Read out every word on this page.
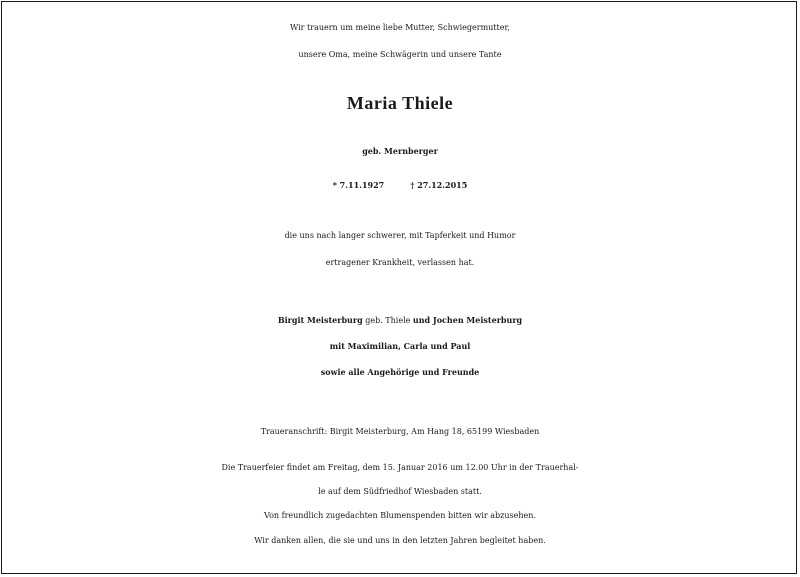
Wir trauern um meine liebe Mutter, Schwiegermutter,
unsere Oma, meine Schwägerin und unsere Tante
Maria Thiele
geb. Mernberger
* 7.11.1927	† 27.12.2015
die uns nach langer schwerer, mit Tapferkeit und Humor
ertragener Krankheit, verlassen hat.
Birgit Meisterburg geb. Thiele und Jochen Meisterburg
mit Maximilian, Carla und Paul
sowie alle Angehörige und Freunde
Traueranschrift: Birgit Meisterburg, Am Hang 18, 65199 Wiesbaden
Die Trauerfeier findet am Freitag, dem 15. Januar 2016 um 12.00 Uhr in der Trauerhal-
le auf dem Südfriedhof Wiesbaden statt.
Von freundlich zugedachten Blumenspenden bitten wir abzusehen.
Wir danken allen, die sie und uns in den letzten Jahren begleitet haben.
